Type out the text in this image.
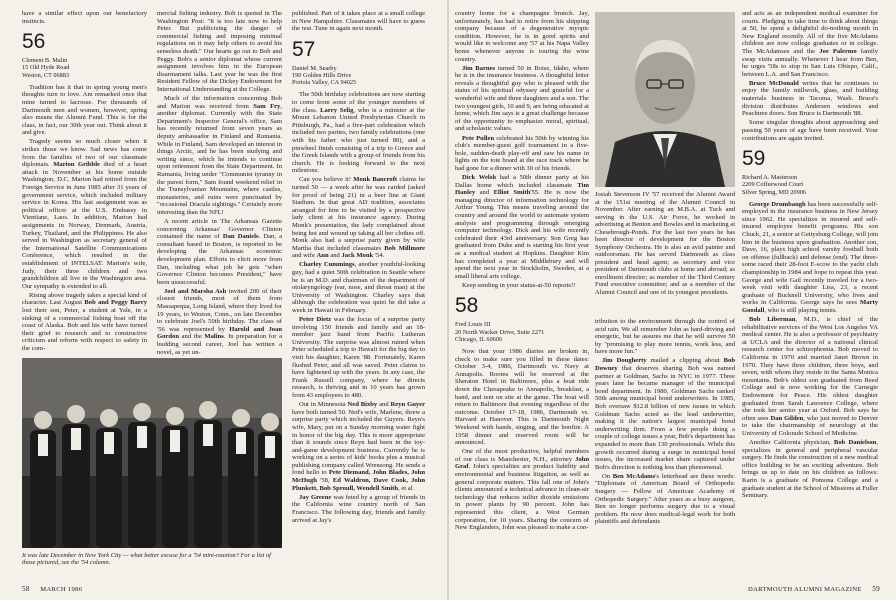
have a similar effect upon our benefactory instincts.

56
Clement B. Malin
15 Old Hyde Road
Weston, CT 06883

Tradition has it that in spring young men's thoughts turn to love. Am remarked once that mine turned to lacrosse. For thousands of Dartmouth men and women, however, spring also means the Alumni Fund. This is for the class, in fact, our 30th year out. Think about it and give.

Tragedy seems so much closer when it strikes those we know. Sad news has come from the families of two of our classmate diplomats. Marion Gribble died of a heart attack in November at his home outside Washington, D.C. Marion had retired from the Foreign Service in June 1985 after 31 years of government service, which included military service in Korea. His last assignment was as political officer at the U.S. Embassy in Vientiane, Laos. In addition, Marion had assignments in Norway, Denmark, Austria, Turkey, Thailand, and the Philippines. He also served in Washington as secretary general of the International Satellite Communications Conference, which resulted in the establishment of INTELSAT. Marion's wife, Judy, their three children and two grandchildren all live in the Washington area. Our sympathy is extended to all.

Rising above tragedy takes a special kind of character. Last August Bob and Peggy Barry lost their son, Peter, a student at Yale, in a sinking of a commercial fishing boat off the coast of Alaska. Bob and his wife have turned their grief to research and to constructive criticism and reform with respect to safety in the com-

mercial fishing industry. Bob is quoted in The Washington Post: "It is too late now to help Peter. But publicizing the danger of commercial fishing and imposing minimal regulations on it may help others to avoid his senseless death." Our hearts go out to Bob and Peggy. Bob's a senior diplomat whose current assignment involves him in the European disarmament talks. Last year he was the first Resident Fellow of the Dickey Endowment for International Understanding at the College.

Much of the information concerning Bob and Marion was received from Sam Fry, another diplomat. Currently with the State Department's Inspector General's office, Sam has recently returned from seven years as deputy ambassador in Finland and Rumania. While in Finland, Sam developed an interest in things Arctic, and he has been studying and writing since, which he intends to continue upon retirement from the State Department. In Rumania, living under "Communist tyranny in the purest form," Sam found weekend relief in the Transylvanian Mountains, where castles, monasteries, and ruins were punctuated by "occasional Dracula sightings." Certainly more interesting than the NFL!

A recent article in The Arkansas Gazette concerning Arkansas' Governor Clinton contained the name of Dan Daniels. Dan, a consultant based in Boston, is reported to be developing the Arkansas economic development plan. Efforts to elicit more from Dan, including what job he gets "when Governor Clinton becomes President," have been unsuccessful.

Joel and Marsha Ash invited 200 of their closest friends, most of them from Massapequa, Long Island, where they lived for 19 years, to Weston, Conn., on late December to celebrate Joel's 50th birthday. The class of '56 was represented by Harold and Joan Gordon and the Malins. In preparation for a budding second career, Joel has written a novel, as yet un-

published. Part of it takes place at a small college in New Hampshire. Classmates will have to guess the rest. Tune in again next month.

57
Daniel M. Searby
190 Golden Hills Drive
Portola Valley, CA 94025

The 50th birthday celebrations are now starting to come from some of the younger members of the class. Larry Selig, who is a minister at the Mount Lebanon United Presbyterian Church in Pittsburgh, Pa., had a five-part celebration which included two parties, two family celebrations (one with his father who just turned 80), and a pinwheel finish consisting of a trip to Greece and the Greek Islands with a group of friends from his church. He is looking forward to the next milestone.

Can you believe it! Monk Bancroft claims he turned 50 — a week after he was carded (asked for proof of being 21) in a beer line at Giant Stadium. In that great AD tradition, associates arranged for him to be visited by a prospective lady client at his insurance agency. During Monk's presentation, the lady complained about being hot and wound up taking all her clothes off. Monk also had a surprise party given by wife Martha that included classmates Bob Millmore and wife Ann and Jack Monk '54.

Charley Cummings, another youthful-looking guy, had a quiet 50th celebration in Seattle where he is an M.D. and chairman of the department of otolaryngology (ear, nose, and throat man) at the University of Washington. Charley says that although the celebration was quiet he did take a week in Hawaii in February.

Peter Dietz was the focus of a surprise party involving 150 friends and family and an 18-member jazz band from Pacific Lutheran University. The surprise was almost ruined when Peter scheduled a trip to Hawaii for the big day to visit his daughter, Karen '88. Fortunately, Karen flushed Peter, and all was saved. Peter claims to have lightened up with the years. In any case, the Frank Russell company, where he directs research, is thriving and in 10 years has grown from 43 employees to 480.

Out in Minnesota Ned Bixby and Reyn Guyer have both turned 50. Ned's wife, Marlene, threw a surprise party which included the Guyers. Reyn's wife, Mary, put on a Sunday morning water fight in honor of the big day. This is more appropriate than it sounds since Reyn had been in the toy-and-game development business. Currently he is working on a series of kids' books plus a musical publishing company called Wrensong. He sends a fond hello to Pete Diemand, John Blades, John McHugh '58, Ed Waldron, Dave Cook, John Plunkett, Bob Sproull, Wendell Smith, et al.

Jay Greene was feted by a group of friends in the California wine country north of San Francisco. The following day, friends and family arrived at Jay's

It was late December in New York City — what better excuse for a '54 mini-reunion? For a list of those pictured, see the '54 column.
58 MARCH 1986

country home for a champagne brunch. Jay, unfortunately, has had to retire from his shipping company because of a degenerative myopic condition. However, he is in good spirits and would like to welcome any '57 at his Napa Valley home whenever anyone is touring the wine country.

Jim Barnes turned 50 in Boise, Idaho, where he is in the insurance business. A thoughtful letter reveals a thoughtful guy who is pleased with the status of his spiritual odyssey and grateful for a wonderful wife and three daughters and a son. The two youngest girls, 10 and 9, are being educated at home, which Jim says is a great challenge because of the opportunity to emphasize moral, spiritual, and scholastic values.

Pete Pullen celebrated his 50th by winning his club's member-guest golf tournament in a five-hole, sudden-death play-off and saw his name in lights on the tote board at the race track where he had gone for a dinner with 30 of his friends.

Dick Welsh had a 50th dinner party at his Dallas home which included classmate Tim Hanley and Elliot Smith'55. He is now the managing director of information technology for Arthur Young. This means traveling around the country and around the world to automate system analysis and programming through emerging computer technology. Dick and his wife recently celebrated their 43rd anniversary. Son Greg has graduated from Duke and is starting his first year as a medical student at Hopkins. Daughter Kim has completed a year at Middlebury and will spend the next year in Stockholm, Sweden, at a small liberal arts college.

Keep sending in your status-at-50 reports!!

58
Fred Louis III
20 North Wacker Drive, Suite 2271
Chicago, IL 60606

Now that your 1986 diaries are broken in, check to make sure you filled in these dates: October 3-4, 1986, Dartmouth vs. Navy at Annapolis. Rooms will be reserved at the Sheraton Hotel in Baltimore, plus a boat ride down the Chesapeake to Annapolis, breakfast, a band, and tent on site at the game. The boat will return to Baltimore that evening regardless of the outcome. October 17-18, 1986, Dartmouth vs. Harvard at Hanover. This is Dartmouth Night Weekend with bands, singing, and the bonfire. A 1958 dinner and reserved room will be announced.

One of the most productive, helpful members of our class is Manchester, N.H., attorney John Graf. John's specialties are product liability and environmental and business litigation, as well as general corporate matters. This fall one of John's clients announced a technical advance in clean-air technology that reduces sulfur dioxide emissions in power plants by 90 percent. John has represented this client, a West German corporation, for 10 years. Sharing the concern of New Englanders, John was pleased to make a con-

Josiah Stevenson IV '57 received the Alumni Award at the 151st meeting of the Alumni Council in November. After earning an M.B.A. at Tuck and serving in the U.S. Air Force, he worked in advertising at Benton and Bowles and in marketing at Chesebrough-Ponds. For the last two years he has been director of development for the Boston Symphony Orchestra. He is also an avid painter and outdoorsman. He has served Dartmouth as class president and head agent; as secretary and vice president of Dartmouth clubs at home and abroad; as enrollment director; as member of the Third Century Fund executive committee; and as a member of the Alumni Council and one of its youngest presidents.

tribution to the environment through the control of acid rain. We all remember John as hard-driving and energetic, but he assures me that he will survive 50 by "promising to play more tennis, work less, and have more fun."

Jim Dougherty mailed a clipping about Bob Downey that deserves sharing. Bob was named partner at Goldman, Sachs in NYC in 1977. Three years later he became manager of the municipal bond department. In 1980, Goldman Sachs ranked 50th among municipal bond underwriters. In 1985, Bob oversaw $12.8 billion of new issues in which Goldman Sachs acted as the lead underwriter, making it the nation's largest municipal bond underwriting firm. From a few people doing a couple of college issues a year, Bob's department has expanded to more than 130 professionals. While this growth occurred during a surge in municipal bond issues, the increased market share captured under Bob's direction is nothing less than phenomenal.

On Ben McAdams's letterhead are these words: "Diplomate of American Board of Orthopedic Surgery — Fellow of American Academy of Orthopedic Surgery." After years as a busy surgeon, Ben no longer performs surgery due to a visual problem. He now does medical-legal work for both plaintiffs and defendants

and acts as an independent medical examiner for courts. Pledging to take time to think about things at 50, he spent a delightful do-nothing month in New England recently. All of the five McAdams children are now college graduates or in college. The McAdamses and the Joe Palermo family swap visits annually. Whenever I hear from Ben, he urges '58s to stop in San Luis Obispo, Calif., between L.A. and San Francisco.

Bruce McDonald writes that he continues to enjoy the family millwork, glass, and building materials business in Tacoma, Wash. Bruce's division distributes Andersen windows and Peachtree doors. Son Bruce is Dartmouth '88.

Some singular thoughts about approaching and passing 50 years of age have been received. Your contributions are again invited.

59
Richard A. Masterson
2209 Coffeewood Court
Silver Spring, MD 20906

George Drumbaugh has been successfully self-employed in the insurance business in New Jersey since 1962. He specializes in insured and self-insured employee benefit programs. His son Chuck, 21, a senior at Gettysburg College, will join him in the business upon graduation. Another son, Dave, 16, plays high school varsity football both on offense (fullback) and defense (end). The three-some raced their 28-foot E-scow to the yacht club championship in 1984 and hope to repeat this year. George and wife Gail recently traveled for a two-week visit with daughter Lisa, 23, a recent graduate of Bucknell University, who lives and works in California. George says he sees Marty Goodall, who is still playing tennis.

Bob Liberman, M.D., is chief of the rehabilitative services of the West Los Angeles VA medical center. He is also a professor of psychiatry at UCLA and the director of a national clinical research center for schizophrenia. Bob moved to California in 1970 and married Janet Brown in 1970. They have three children, three boys, and seven, with whom they reside in the Santa Monica mountains. Bob's oldest son graduated from Reed College and is now working for the Carnegie Endowment for Peace. His oldest daughter graduated from Sarah Lawrence College, where she took her senior year at Oxford. Bob says he often sees Dan Gilden, who just moved to Denver to take the chairmanship of neurology at the University of Colorado School of Medicine.

Another California physician, Bob Danielson, specializes in general and peripheral vascular surgery. He finds the construction of a new medical office building to be an exciting adventure. Bob brings us up to date on his children as follows: Karin is a graduate of Pomona College and a graduate student at the School of Missions at Fuller Seminary.

DARTMOUTH ALUMNI MAGAZINE 59
